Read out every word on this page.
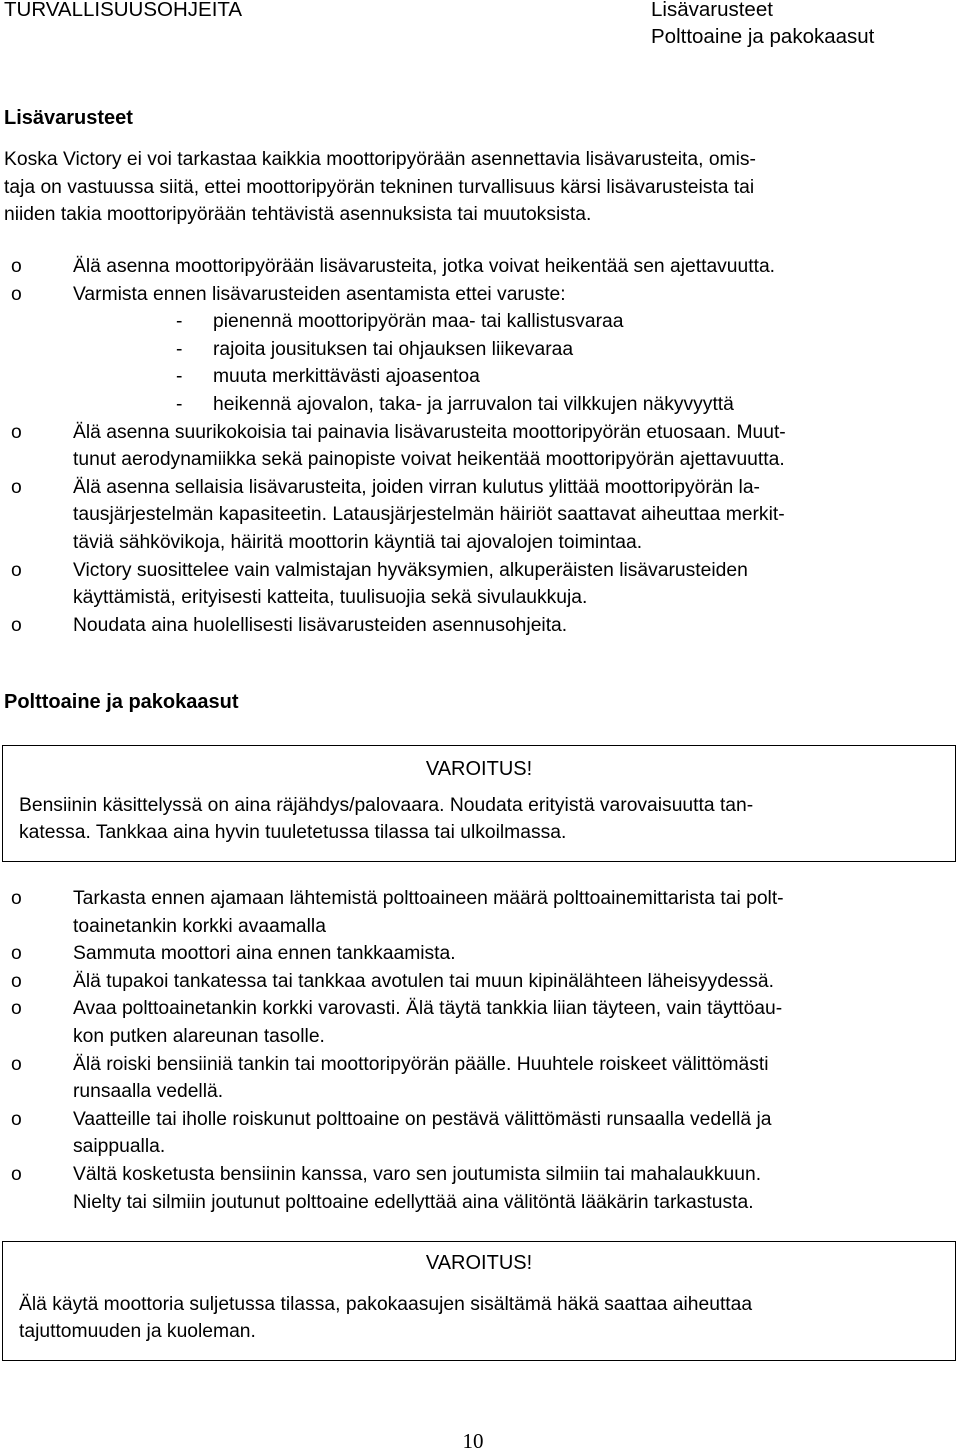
TURVALLISUUSOHJEITA	Lisävarusteet
Polttoaine ja pakokaasut
Lisävarusteet
Koska Victory ei voi tarkastaa kaikkia moottoripyörään asennettavia lisävarusteita, omis-
taja on vastuussa siitä, ettei moottoripyörän tekninen turvallisuus kärsi lisävarusteista tai
niiden takia moottoripyörään tehtävistä asennuksista tai muutoksista.
o	Älä asenna moottoripyörään lisävarusteita, jotka voivat heikentää sen ajettavuutta.
o	Varmista ennen lisävarusteiden asentamista ettei varuste:
- pienennä moottoripyörän maa- tai kallistusvaraa
- rajoita jousituksen tai ohjauksen liikevaraa
- muuta merkittävästi ajoasentoa
- heikennä ajovalon, taka- ja jarruvalon tai vilkkujen näkyvyyttä
o	Älä asenna suurikokoisia tai painavia lisävarusteita moottoripyörän etuosaan. Muut-
tunut aerodynamiikka sekä painopiste voivat heikentää moottoripyörän ajettavuutta.
o	Älä asenna sellaisia lisävarusteita, joiden virran kulutus ylittää moottoripyörän la-
tausjärjestelmän kapasiteetin. Latausjärjestelmän häiriöt saattavat aiheuttaa merkit-
täviä sähkövikoja, häiritä moottorin käyntiä tai ajovalojen toimintaa.
o	Victory suosittelee vain valmistajan hyväksymien, alkuperäisten lisävarusteiden
käyttämistä, erityisesti katteita, tuulisuojia sekä sivulaukkuja.
o	Noudata aina huolellisesti lisävarusteiden asennusohjeita.
Polttoaine ja pakokaasut
VAROITUS!
Bensiinin käsittelyssä on aina räjähdys/palovaara. Noudata erityistä varovaisuutta tan-
katessa. Tankkaa aina hyvin tuuletetussa tilassa tai ulkoilmassa.
o	Tarkasta ennen ajamaan lähtemistä polttoaineen määrä polttoainemittarista tai polt-
toainetankin korkki avaamalla
o	Sammuta moottori aina ennen tankkaamista.
o	Älä tupakoi tankatessa tai tankkaa avotulen tai muun kipinälähteen läheisyydessä.
o	Avaa polttoainetankin korkki varovasti. Älä täytä tankkia liian täyteen, vain täyttöau-
kon putken alareunan tasolle.
o	Älä roiski bensiiniä tankin tai moottoripyörän päälle. Huuhtele roiskeet välittömästi
runsaalla vedellä.
o	Vaatteille tai iholle roiskunut polttoaine on pestävä välittömästi runsaalla vedellä ja
saippualla.
o	Vältä kosketusta bensiinin kanssa, varo sen joutumista silmiin tai mahalaukkuun.
Nielty tai silmiin joutunut polttoaine edellyttää aina välitöntä lääkärin tarkastusta.
VAROITUS!
Älä käytä moottoria suljetussa tilassa, pakokaasujen sisältämä häkä saattaa aiheuttaa
tajuttomuuden ja kuoleman.
10
